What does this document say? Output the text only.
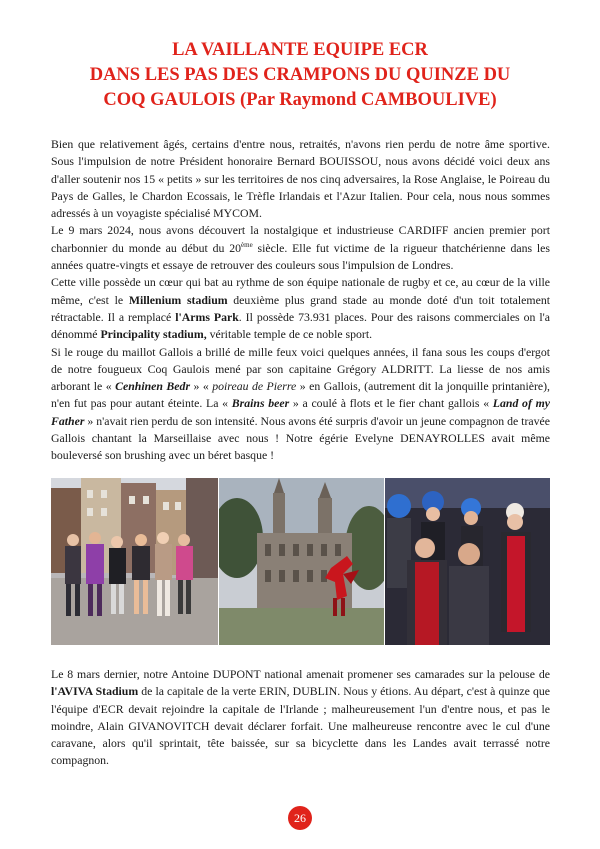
LA VAILLANTE EQUIPE ECR
DANS LES PAS DES CRAMPONS DU QUINZE DU
COQ GAULOIS (Par Raymond CAMBOULIVE)

Bien que relativement âgés, certains d'entre nous, retraités, n'avons rien perdu de notre âme sportive. Sous l'impulsion de notre Président honoraire Bernard BOUISSOU, nous avons décidé voici deux ans d'aller soutenir nos 15 « petits » sur les territoires de nos cinq adversaires, la Rose Anglaise, le Poireau du Pays de Galles, le Chardon Ecossais, le Trèfle Irlandais et l'Azur Italien. Pour cela, nous nous sommes adressés à un voyagiste spécialisé MYCOM.

Le 9 mars 2024, nous avons découvert la nostalgique et industrieuse CARDIFF ancien premier port charbonnier du monde au début du 20ème siècle. Elle fut victime de la rigueur thatchérienne dans les années quatre-vingts et essaye de retrouver des couleurs sous l'impulsion de Londres.

Cette ville possède un cœur qui bat au rythme de son équipe nationale de rugby et ce, au cœur de la ville même, c'est le Millenium stadium deuxième plus grand stade au monde doté d'un toit totalement rétractable. Il a remplacé l'Arms Park. Il possède 73.931 places. Pour des raisons commerciales on l'a dénommé Principality stadium, véritable temple de ce noble sport.

Si le rouge du maillot Gallois a brillé de mille feux voici quelques années, il fana sous les coups d'ergot de notre fougueux Coq Gaulois mené par son capitaine Grégory ALDRITT. La liesse de nos amis arborant le « Cenhinen Bedr » « poireau de Pierre » en Gallois, (autrement dit la jonquille printanière), n'en fut pas pour autant éteinte. La « Brains beer » a coulé à flots et le fier chant gallois « Land of my Father » n'avait rien perdu de son intensité. Nous avons été surpris d'avoir un jeune compagnon de travée Gallois chantant la Marseillaise avec nous ! Notre égérie Evelyne DENAYROLLES avait même bouleversé son brushing avec un béret basque !

Le 8 mars dernier, notre Antoine DUPONT national amenait promener ses camarades sur la pelouse de l'AVIVA Stadium de la capitale de la verte ERIN, DUBLIN. Nous y étions. Au départ, c'est à quinze que l'équipe d'ECR devait rejoindre la capitale de l'Irlande ; malheureusement l'un d'entre nous, et pas le moindre, Alain GIVANOVITCH devait déclarer forfait. Une malheureuse rencontre avec le cul d'une caravane, alors qu'il sprintait, tête baissée, sur sa bicyclette dans les Landes avait terrassé notre compagnon.

26
